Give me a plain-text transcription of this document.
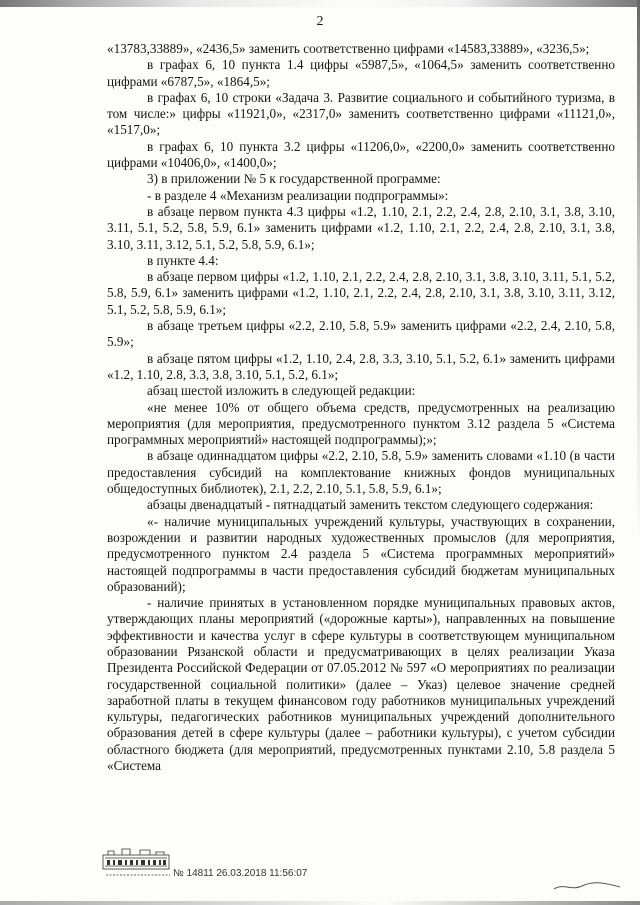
2

«13783,33889», «2436,5» заменить соответственно цифрами «14583,33889», «3236,5»;

в графах 6, 10 пункта 1.4 цифры «5987,5», «1064,5» заменить соответственно цифрами «6787,5», «1864,5»;

в графах 6, 10 строки «Задача 3. Развитие социального и событийного туризма, в том числе:» цифры «11921,0», «2317,0» заменить соответственно цифрами «11121,0», «1517,0»;

в графах 6, 10 пункта 3.2 цифры «11206,0», «2200,0» заменить соответственно цифрами «10406,0», «1400,0»;

3) в приложении № 5 к государственной программе:

- в разделе 4 «Механизм реализации подпрограммы»:

в абзаце первом пункта 4.3 цифры «1.2, 1.10, 2.1, 2.2, 2.4, 2.8, 2.10, 3.1, 3.8, 3.10, 3.11, 5.1, 5.2, 5.8, 5.9, 6.1» заменить цифрами «1.2, 1.10, 2.1, 2.2, 2.4, 2.8, 2.10, 3.1, 3.8, 3.10, 3.11, 3.12, 5.1, 5.2, 5.8, 5.9, 6.1»;

в пункте 4.4:

в абзаце первом цифры «1.2, 1.10, 2.1, 2.2, 2.4, 2.8, 2.10, 3.1, 3.8, 3.10, 3.11, 5.1, 5.2, 5.8, 5.9, 6.1» заменить цифрами «1.2, 1.10, 2.1, 2.2, 2.4, 2.8, 2.10, 3.1, 3.8, 3.10, 3.11, 3.12, 5.1, 5.2, 5.8, 5.9, 6.1»;

в абзаце третьем цифры «2.2, 2.10, 5.8, 5.9» заменить цифрами «2.2, 2.4, 2.10, 5.8, 5.9»;

в абзаце пятом цифры «1.2, 1.10, 2.4, 2.8, 3.3, 3.10, 5.1, 5.2, 6.1» заменить цифрами «1.2, 1.10, 2.8, 3.3, 3.8, 3.10, 5.1, 5.2, 6.1»;

абзац шестой изложить в следующей редакции:

«не менее 10% от общего объема средств, предусмотренных на реализацию мероприятия (для мероприятия, предусмотренного пунктом 3.12 раздела 5 «Система программных мероприятий» настоящей подпрограммы);»;

в абзаце одиннадцатом цифры «2.2, 2.10, 5.8, 5.9» заменить словами «1.10 (в части предоставления субсидий на комплектование книжных фондов муниципальных общедоступных библиотек), 2.1, 2.2, 2.10, 5.1, 5.8, 5.9, 6.1»;

абзацы двенадцатый - пятнадцатый заменить текстом следующего содержания:

«- наличие муниципальных учреждений культуры, участвующих в сохранении, возрождении и развитии народных художественных промыслов (для мероприятия, предусмотренного пунктом 2.4 раздела 5 «Система программных мероприятий» настоящей подпрограммы в части предоставления субсидий бюджетам муниципальных образований);

- наличие принятых в установленном порядке муниципальных правовых актов, утверждающих планы мероприятий («дорожные карты»), направленных на повышение эффективности и качества услуг в сфере культуры в соответствующем муниципальном образовании Рязанской области и предусматривающих в целях реализации Указа Президента Российской Федерации от 07.05.2012 № 597 «О мероприятиях по реализации государственной социальной политики» (далее – Указ) целевое значение средней заработной платы в текущем финансовом году работников муниципальных учреждений культуры, педагогических работников муниципальных учреждений дополнительного образования детей в сфере культуры (далее – работники культуры), с учетом субсидии областного бюджета (для мероприятий, предусмотренных пунктами 2.10, 5.8 раздела 5 «Система

№ 14811 26.03.2018 11:56:07
